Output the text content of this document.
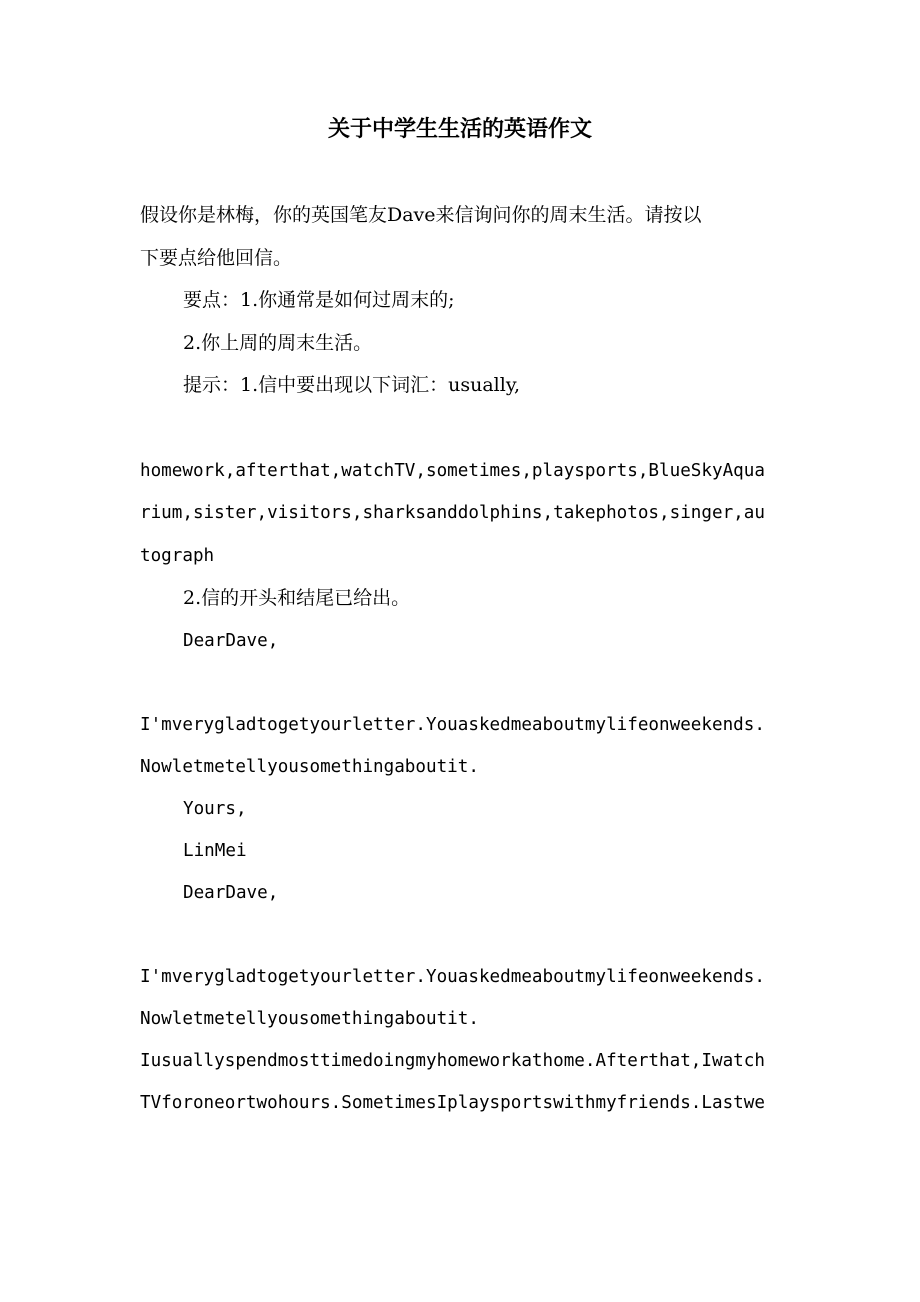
关于中学生生活的英语作文

假设你是林梅，你的英国笔友Dave来信询问你的周末生活。请按以

下要点给他回信。

要点：1.你通常是如何过周末的;

2.你上周的周末生活。

提示：1.信中要出现以下词汇：usually,

homework,afterthat,watchTV,sometimes,playsports,BlueSkyAqua

rium,sister,visitors,sharksanddolphins,takephotos,singer,au

tograph

2.信的开头和结尾已给出。

DearDave,

I'mverygladtogetyourletter.Youaskedmeaboutmylifeonweekends.

Nowletmetellyousomethingaboutit.

Yours,

LinMei

DearDave,

I'mverygladtogetyourletter.Youaskedmeaboutmylifeonweekends.

Nowletmetellyousomethingaboutit.

Iusuallyspendmosttimedoingmyhomeworkathome.Afterthat,Iwatch

TVforoneortwohours.SometimesIplaysportswithmyfriends.Lastwe
